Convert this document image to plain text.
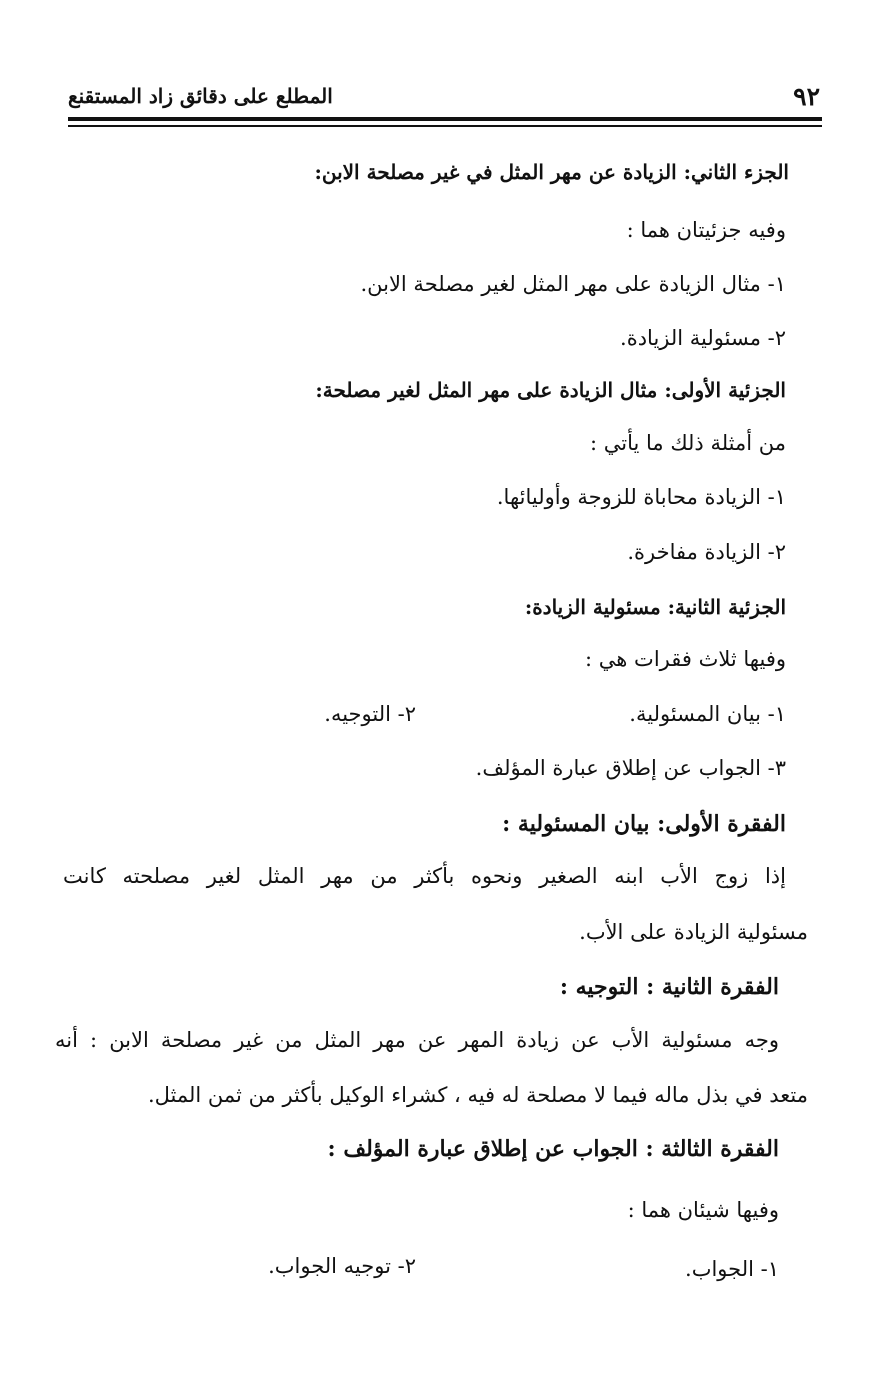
٩٢
المطلع على دقائق زاد المستقنع
الجزء الثاني: الزيادة عن مهر المثل في غير مصلحة الابن:
وفيه جزئيتان هما :
١- مثال الزيادة على مهر المثل لغير مصلحة الابن.
٢- مسئولية الزيادة.
الجزئية الأولى: مثال الزيادة على مهر المثل لغير مصلحة:
من أمثلة ذلك ما يأتي :
١- الزيادة محاباة للزوجة وأوليائها.
٢- الزيادة مفاخرة.
الجزئية الثانية: مسئولية الزيادة:
وفيها ثلاث فقرات هي :
١- بيان المسئولية.
٢- التوجيه.
٣- الجواب عن إطلاق عبارة المؤلف.
الفقرة الأولى: بيان المسئولية :
إذا زوج الأب ابنه الصغير ونحوه بأكثر من مهر المثل لغير مصلحته كانت
مسئولية الزيادة على الأب.
الفقرة الثانية : التوجيه :
وجه مسئولية الأب عن زيادة المهر عن مهر المثل من غير مصلحة الابن : أنه
متعد في بذل ماله فيما لا مصلحة له فيه ، كشراء الوكيل بأكثر من ثمن المثل.
الفقرة الثالثة : الجواب عن إطلاق عبارة المؤلف :
وفيها شيئان هما :
١- الجواب.
٢- توجيه الجواب.
